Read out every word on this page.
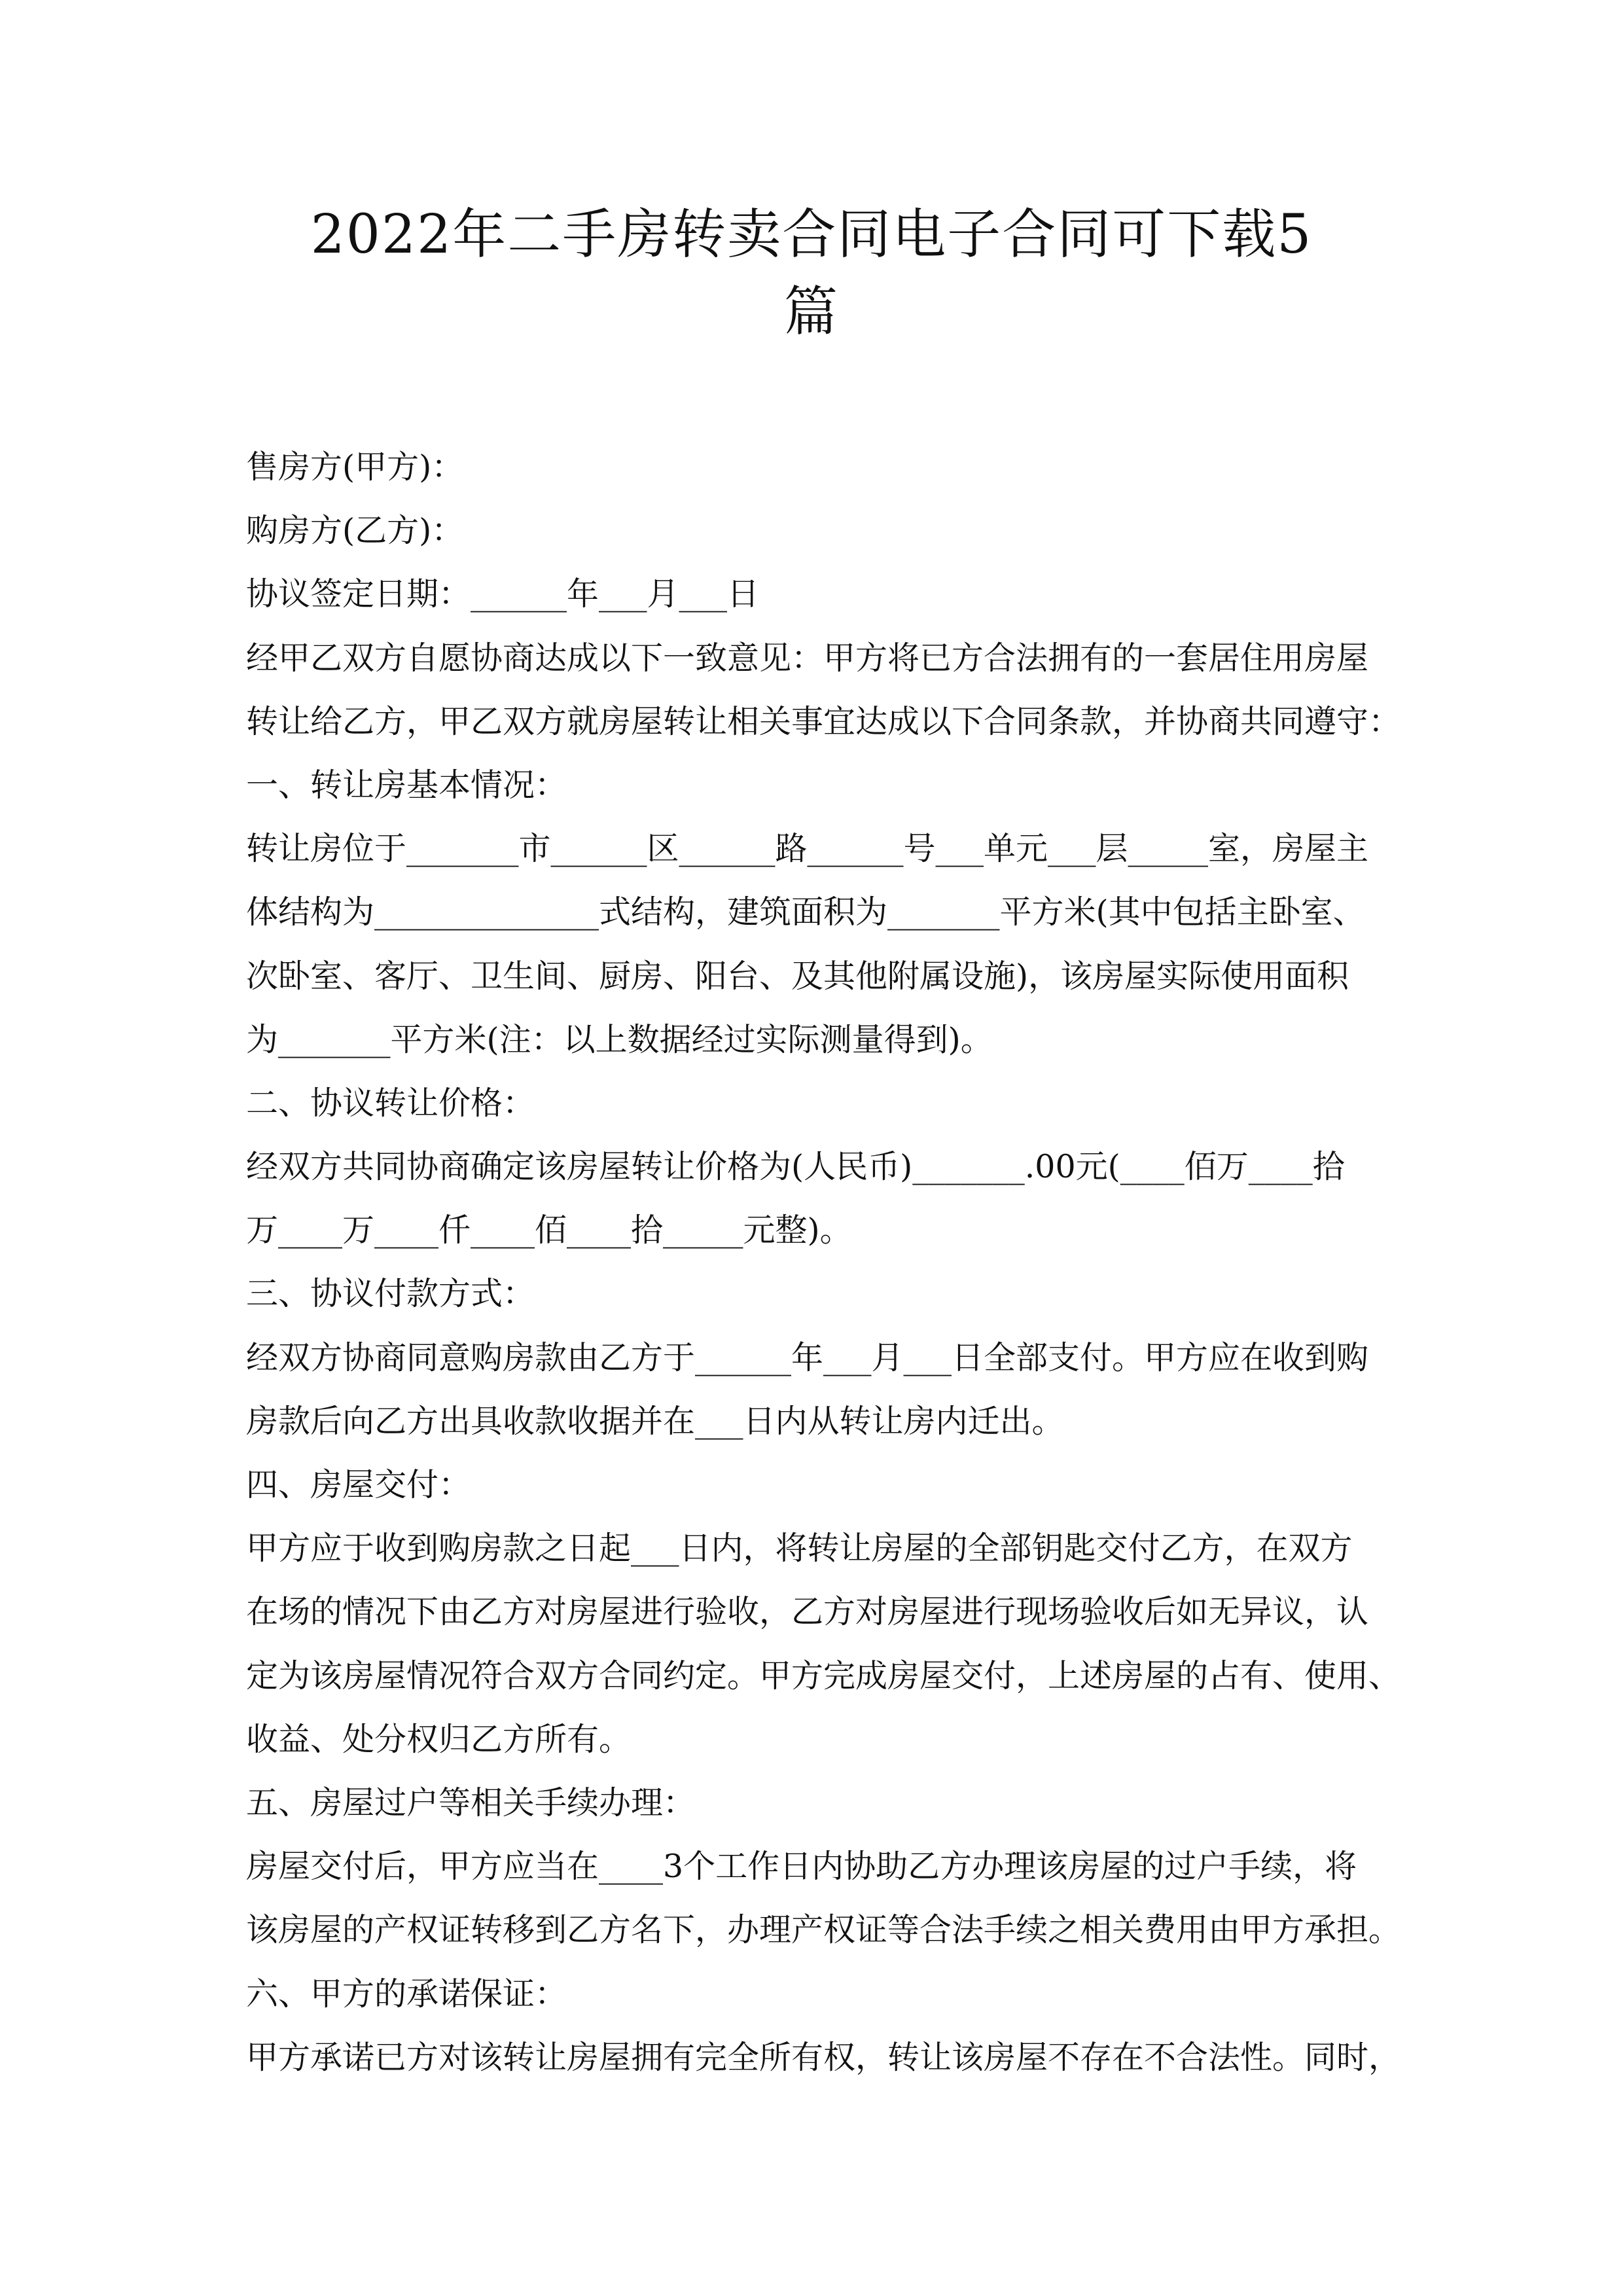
2022年二手房转卖合同电子合同可下载5
篇
售房方(甲方)：
购房方(乙方)：
协议签定日期：______年___月___日
经甲乙双方自愿协商达成以下一致意见：甲方将已方合法拥有的一套居住用房屋
转让给乙方，甲乙双方就房屋转让相关事宜达成以下合同条款，并协商共同遵守：
一、转让房基本情况：
转让房位于_______市______区______路______号___单元___层_____室，房屋主
体结构为______________式结构，建筑面积为_______平方米(其中包括主卧室、
次卧室、客厅、卫生间、厨房、阳台、及其他附属设施)，该房屋实际使用面积
为_______平方米(注：以上数据经过实际测量得到)。
二、协议转让价格：
经双方共同协商确定该房屋转让价格为(人民币)_______.00元(____佰万____拾
万____万____仟____佰____拾_____元整)。
三、协议付款方式：
经双方协商同意购房款由乙方于______年___月___日全部支付。甲方应在收到购
房款后向乙方出具收款收据并在___日内从转让房内迁出。
四、房屋交付：
甲方应于收到购房款之日起___日内，将转让房屋的全部钥匙交付乙方，在双方
在场的情况下由乙方对房屋进行验收，乙方对房屋进行现场验收后如无异议，认
定为该房屋情况符合双方合同约定。甲方完成房屋交付，上述房屋的占有、使用、
收益、处分权归乙方所有。
五、房屋过户等相关手续办理：
房屋交付后，甲方应当在____3个工作日内协助乙方办理该房屋的过户手续，将
该房屋的产权证转移到乙方名下，办理产权证等合法手续之相关费用由甲方承担。
六、甲方的承诺保证：
甲方承诺已方对该转让房屋拥有完全所有权，转让该房屋不存在不合法性。同时，
